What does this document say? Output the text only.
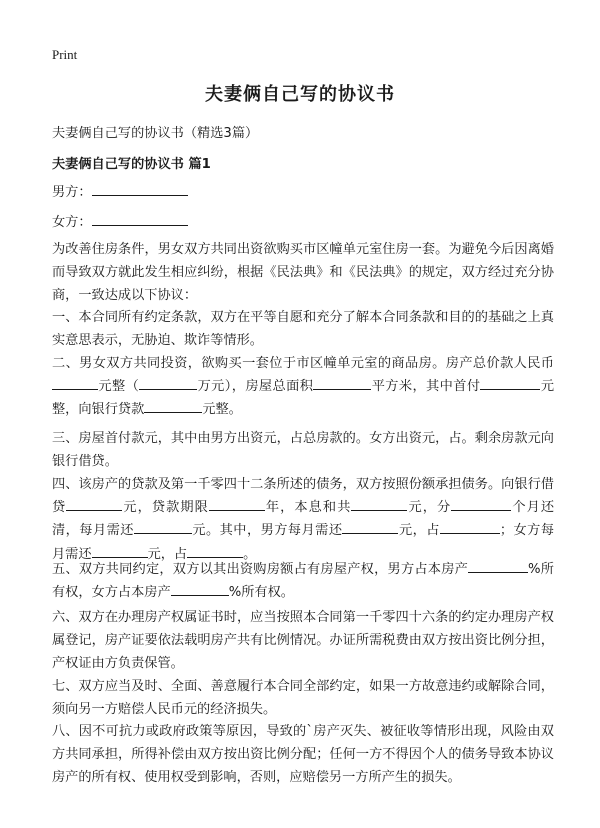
Print
夫妻俩自己写的协议书
夫妻俩自己写的协议书（精选3篇）
夫妻俩自己写的协议书 篇1
男方：
女方：
为改善住房条件，男女双方共同出资欲购买市区幢单元室住房一套。为避免今后因离婚而导致双方就此发生相应纠纷，根据《民法典》和《民法典》的规定，双方经过充分协商，一致达成以下协议：
一、本合同所有约定条款，双方在平等自愿和充分了解本合同条款和目的的基础之上真实意思表示，无胁迫、欺诈等情形。
二、男女双方共同投资，欲购买一套位于市区幢单元室的商品房。房产总价款人民币元整（	万元），房屋总面积	平方米，其中首付	元整，向银行贷款	元整。
三、房屋首付款元，其中由男方出资元，占总房款的。女方出资元，占。剩余房款元向银行借贷。
四、该房产的贷款及第一千零四十二条所述的债务，双方按照份额承担债务。向银行借贷	元，贷款期限	年，本息和共	元，分	个月还清，每月需还	元。其中，男方每月需还	元，占	；女方每月需还	元，占	。
五、双方共同约定，双方以其出资购房额占有房屋产权，男方占本房产	%所有权，女方占本房产	%所有权。
六、双方在办理房产权属证书时，应当按照本合同第一千零四十六条的约定办理房产权属登记，房产证要依法载明房产共有比例情况。办证所需税费由双方按出资比例分担，产权证由方负责保管。
七、双方应当及时、全面、善意履行本合同全部约定，如果一方故意违约或解除合同，须向另一方赔偿人民币元的经济损失。
八、因不可抗力或政府政策等原因，导致的`房产灭失、被征收等情形出现，风险由双方共同承担，所得补偿由双方按出资比例分配；任何一方不得因个人的债务导致本协议房产的所有权、使用权受到影响，否则，应赔偿另一方所产生的损失。
